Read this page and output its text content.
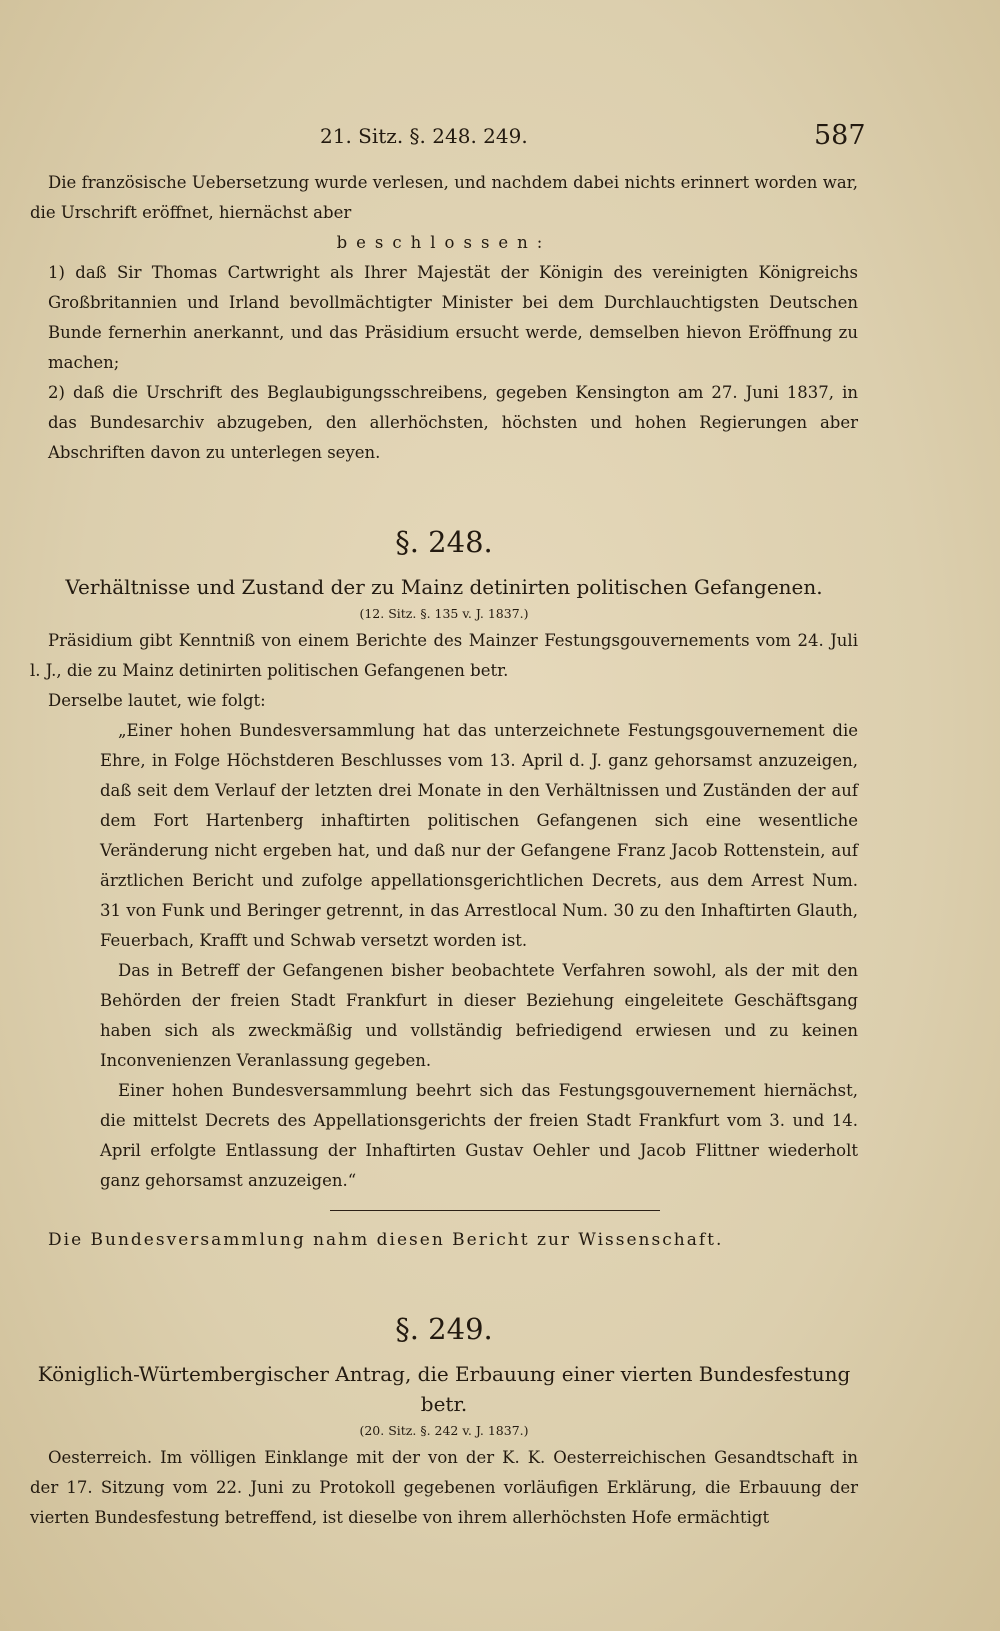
21. Sitz. §. 248. 249.	587

Die französische Uebersetzung wurde verlesen, und nachdem dabei nichts erinnert worden war, die Urschrift eröffnet, hiernächst aber

beschlossen:

1) daß Sir Thomas Cartwright als Ihrer Majestät der Königin des vereinigten Königreichs Großbritannien und Irland bevollmächtigter Minister bei dem Durchlauchtigsten Deutschen Bunde fernerhin anerkannt, und das Präsidium ersucht werde, demselben hievon Eröffnung zu machen;

2) daß die Urschrift des Beglaubigungsschreibens, gegeben Kensington am 27. Juni 1837, in das Bundesarchiv abzugeben, den allerhöchsten, höchsten und hohen Regierungen aber Abschriften davon zu unterlegen seyen.

§. 248.
Verhältnisse und Zustand der zu Mainz detinirten politischen Gefangenen.

(12. Sitz. §. 135 v. J. 1837.)

Präsidium gibt Kenntniß von einem Berichte des Mainzer Festungsgouvernements vom 24. Juli l. J., die zu Mainz detinirten politischen Gefangenen betr.

Derselbe lautet, wie folgt:

„Einer hohen Bundesversammlung hat das unterzeichnete Festungsgouvernement die Ehre, in Folge Höchstderen Beschlusses vom 13. April d. J. ganz gehorsamst anzuzeigen, daß seit dem Verlauf der letzten drei Monate in den Verhältnissen und Zuständen der auf dem Fort Hartenberg inhaftirten politischen Gefangenen sich eine wesentliche Veränderung nicht ergeben hat, und daß nur der Gefangene Franz Jacob Rottenstein, auf ärztlichen Bericht und zufolge appellationsgerichtlichen Decrets, aus dem Arrest Num. 31 von Funk und Beringer getrennt, in das Arrestlocal Num. 30 zu den Inhaftirten Glauth, Feuerbach, Krafft und Schwab versetzt worden ist.

Das in Betreff der Gefangenen bisher beobachtete Verfahren sowohl, als der mit den Behörden der freien Stadt Frankfurt in dieser Beziehung eingeleitete Geschäftsgang haben sich als zweckmäßig und vollständig befriedigend erwiesen und zu keinen Inconvenienzen Veranlassung gegeben.

Einer hohen Bundesversammlung beehrt sich das Festungsgouvernement hiernächst, die mittelst Decrets des Appellationsgerichts der freien Stadt Frankfurt vom 3. und 14. April erfolgte Entlassung der Inhaftirten Gustav Oehler und Jacob Flittner wiederholt ganz gehorsamst anzuzeigen.“

Die Bundesversammlung nahm diesen Bericht zur Wissenschaft.

§. 249.
Königlich-Würtembergischer Antrag, die Erbauung einer vierten Bundesfestung betr.

(20. Sitz. §. 242 v. J. 1837.)

Oesterreich. Im völligen Einklange mit der von der K. K. Oesterreichischen Gesandtschaft in der 17. Sitzung vom 22. Juni zu Protokoll gegebenen vorläufigen Erklärung, die Erbauung der vierten Bundesfestung betreffend, ist dieselbe von ihrem allerhöchsten Hofe ermächtigt
